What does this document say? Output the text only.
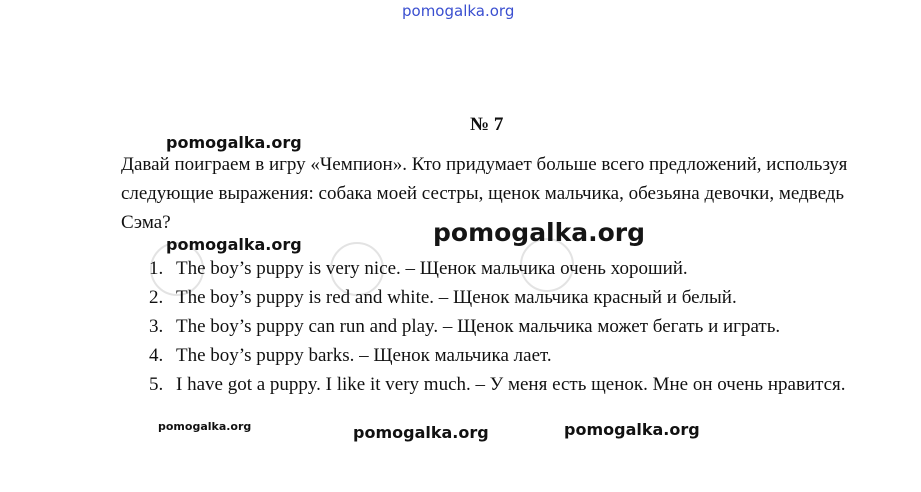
pomogalka.org
№ 7
Давай поиграем в игру «Чемпион». Кто придумает больше всего предложений, используя следующие выражения: собака моей сестры, щенок мальчика, обезьяна девочки, медведь Сэма?
1. The boy’s puppy is very nice. – Щенок мальчика очень хороший.
2. The boy’s puppy is red and white. – Щенок мальчика красный и белый.
3. The boy’s puppy can run and play. – Щенок мальчика может бегать и играть.
4. The boy’s puppy barks. – Щенок мальчика лает.
5. I have got a puppy. I like it very much. – У меня есть щенок. Мне он очень нравится.
pomogalka.org
pomogalka.org	pomogalka.org
pomogalka.org	pomogalka.org	pomogalka.org
